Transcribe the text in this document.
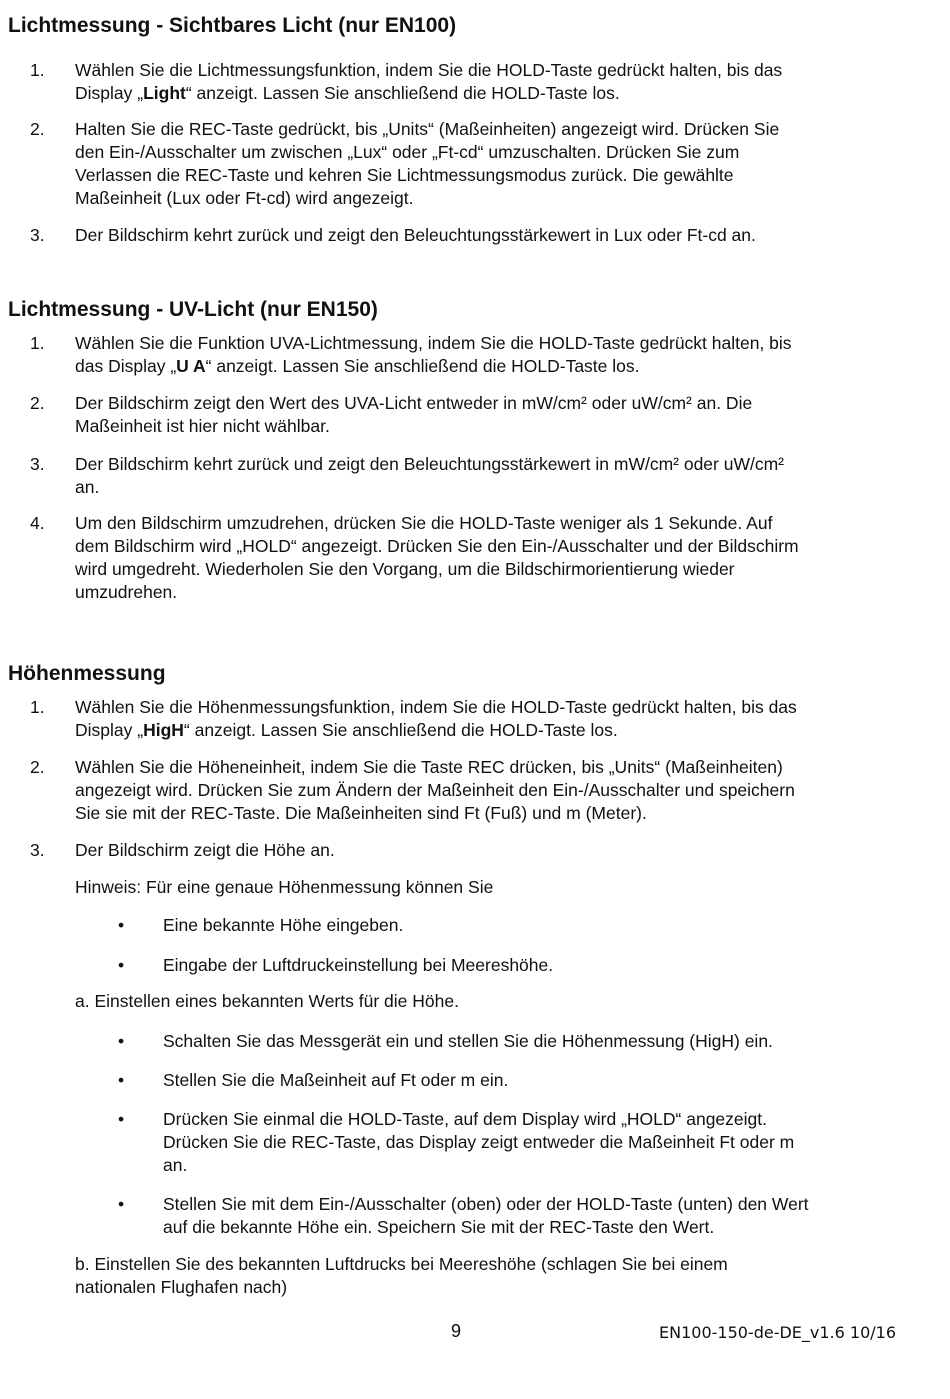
Lichtmessung - Sichtbares Licht (nur EN100)
1. Wählen Sie die Lichtmessungsfunktion, indem Sie die HOLD-Taste gedrückt halten, bis das
Display „Light“ anzeigt. Lassen Sie anschließend die HOLD-Taste los.
2. Halten Sie die REC-Taste gedrückt, bis „Units“ (Maßeinheiten) angezeigt wird. Drücken Sie
den Ein-/Ausschalter um zwischen „Lux“ oder „Ft-cd“ umzuschalten. Drücken Sie zum
Verlassen die REC-Taste und kehren Sie Lichtmessungsmodus zurück. Die gewählte
Maßeinheit (Lux oder Ft-cd) wird angezeigt.
3. Der Bildschirm kehrt zurück und zeigt den Beleuchtungsstärkewert in Lux oder Ft-cd an.
Lichtmessung - UV-Licht (nur EN150)
1. Wählen Sie die Funktion UVA-Lichtmessung, indem Sie die HOLD-Taste gedrückt halten, bis
das Display „U A“ anzeigt. Lassen Sie anschließend die HOLD-Taste los.
2. Der Bildschirm zeigt den Wert des UVA-Licht entweder in mW/cm² oder uW/cm² an. Die
Maßeinheit ist hier nicht wählbar.
3. Der Bildschirm kehrt zurück und zeigt den Beleuchtungsstärkewert in mW/cm² oder uW/cm²
an.
4. Um den Bildschirm umzudrehen, drücken Sie die HOLD-Taste weniger als 1 Sekunde. Auf
dem Bildschirm wird „HOLD“ angezeigt. Drücken Sie den Ein-/Ausschalter und der Bildschirm
wird umgedreht. Wiederholen Sie den Vorgang, um die Bildschirmorientierung wieder
umzudrehen.
Höhenmessung
1. Wählen Sie die Höhenmessungsfunktion, indem Sie die HOLD-Taste gedrückt halten, bis das
Display „HigH“ anzeigt. Lassen Sie anschließend die HOLD-Taste los.
2. Wählen Sie die Höheneinheit, indem Sie die Taste REC drücken, bis „Units“ (Maßeinheiten)
angezeigt wird. Drücken Sie zum Ändern der Maßeinheit den Ein-/Ausschalter und speichern
Sie sie mit der REC-Taste. Die Maßeinheiten sind Ft (Fuß) und m (Meter).
3. Der Bildschirm zeigt die Höhe an.
Hinweis: Für eine genaue Höhenmessung können Sie
• Eine bekannte Höhe eingeben.
• Eingabe der Luftdruckeinstellung bei Meereshöhe.
a. Einstellen eines bekannten Werts für die Höhe.
• Schalten Sie das Messgerät ein und stellen Sie die Höhenmessung (HigH) ein.
• Stellen Sie die Maßeinheit auf Ft oder m ein.
• Drücken Sie einmal die HOLD-Taste, auf dem Display wird „HOLD“ angezeigt.
Drücken Sie die REC-Taste, das Display zeigt entweder die Maßeinheit Ft oder m
an.
• Stellen Sie mit dem Ein-/Ausschalter (oben) oder der HOLD-Taste (unten) den Wert
auf die bekannte Höhe ein. Speichern Sie mit der REC-Taste den Wert.
b. Einstellen Sie des bekannten Luftdrucks bei Meereshöhe (schlagen Sie bei einem
nationalen Flughafen nach)
9	EN100-150-de-DE_v1.6 10/16
